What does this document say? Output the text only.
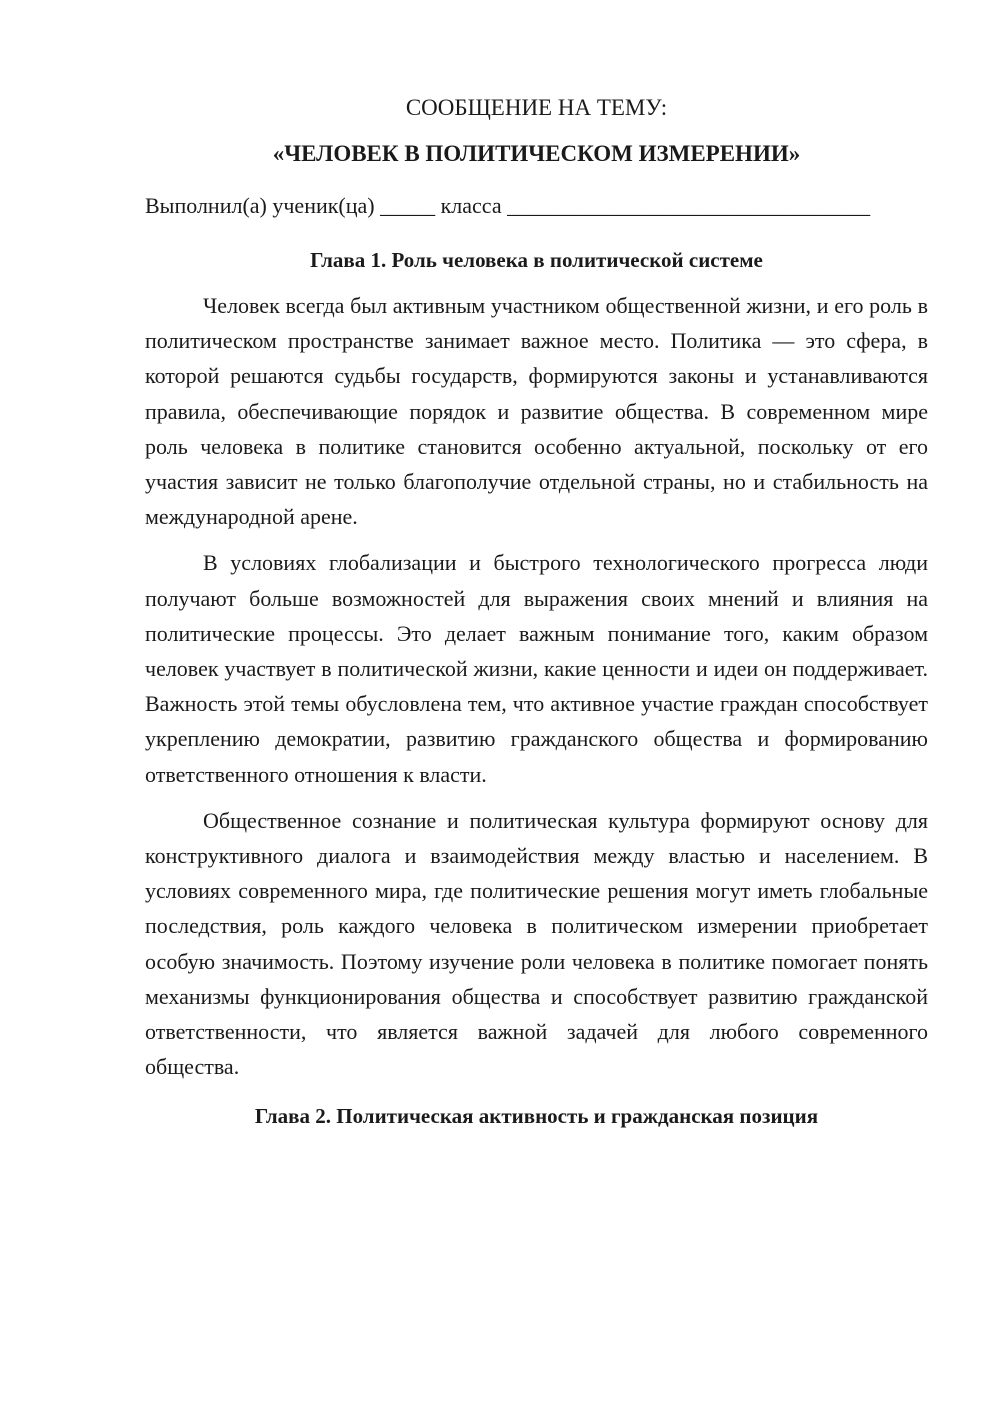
СООБЩЕНИЕ НА ТЕМУ:
«ЧЕЛОВЕК В ПОЛИТИЧЕСКОМ ИЗМЕРЕНИИ»

Выполнил(а) ученик(ца) _____ класса _________________________________

Глава 1. Роль человека в политической системе

Человек всегда был активным участником общественной жизни, и его роль в политическом пространстве занимает важное место. Политика — это сфера, в которой решаются судьбы государств, формируются законы и устанавливаются правила, обеспечивающие порядок и развитие общества. В современном мире роль человека в политике становится особенно актуальной, поскольку от его участия зависит не только благополучие отдельной страны, но и стабильность на международной арене.

В условиях глобализации и быстрого технологического прогресса люди получают больше возможностей для выражения своих мнений и влияния на политические процессы. Это делает важным понимание того, каким образом человек участвует в политической жизни, какие ценности и идеи он поддерживает. Важность этой темы обусловлена тем, что активное участие граждан способствует укреплению демократии, развитию гражданского общества и формированию ответственного отношения к власти.

Общественное сознание и политическая культура формируют основу для конструктивного диалога и взаимодействия между властью и населением. В условиях современного мира, где политические решения могут иметь глобальные последствия, роль каждого человека в политическом измерении приобретает особую значимость. Поэтому изучение роли человека в политике помогает понять механизмы функционирования общества и способствует развитию гражданской ответственности, что является важной задачей для любого современного общества.

Глава 2. Политическая активность и гражданская позиция
